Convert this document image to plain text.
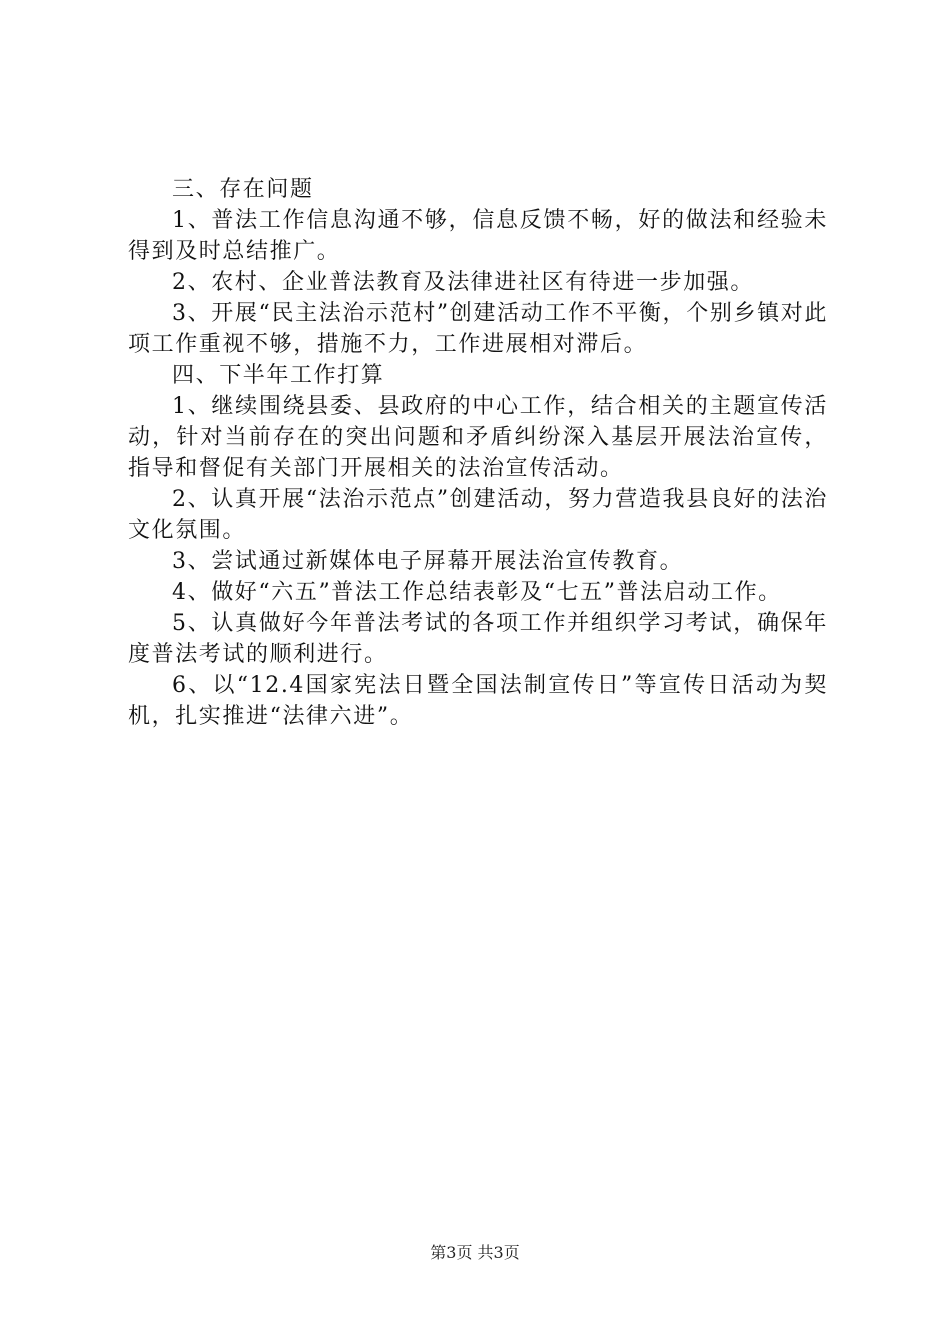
三、存在问题

1、普法工作信息沟通不够，信息反馈不畅，好的做法和经验未得到及时总结推广。

2、农村、企业普法教育及法律进社区有待进一步加强。

3、开展“民主法治示范村”创建活动工作不平衡，个别乡镇对此项工作重视不够，措施不力，工作进展相对滞后。

四、下半年工作打算

1、继续围绕县委、县政府的中心工作，结合相关的主题宣传活动，针对当前存在的突出问题和矛盾纠纷深入基层开展法治宣传，指导和督促有关部门开展相关的法治宣传活动。

2、认真开展“法治示范点”创建活动，努力营造我县良好的法治文化氛围。

3、尝试通过新媒体电子屏幕开展法治宣传教育。

4、做好“六五”普法工作总结表彰及“七五”普法启动工作。

5、认真做好今年普法考试的各项工作并组织学习考试，确保年度普法考试的顺利进行。

6、以“12.4国家宪法日暨全国法制宣传日”等宣传日活动为契机，扎实推进“法律六进”。

第3页 共3页
